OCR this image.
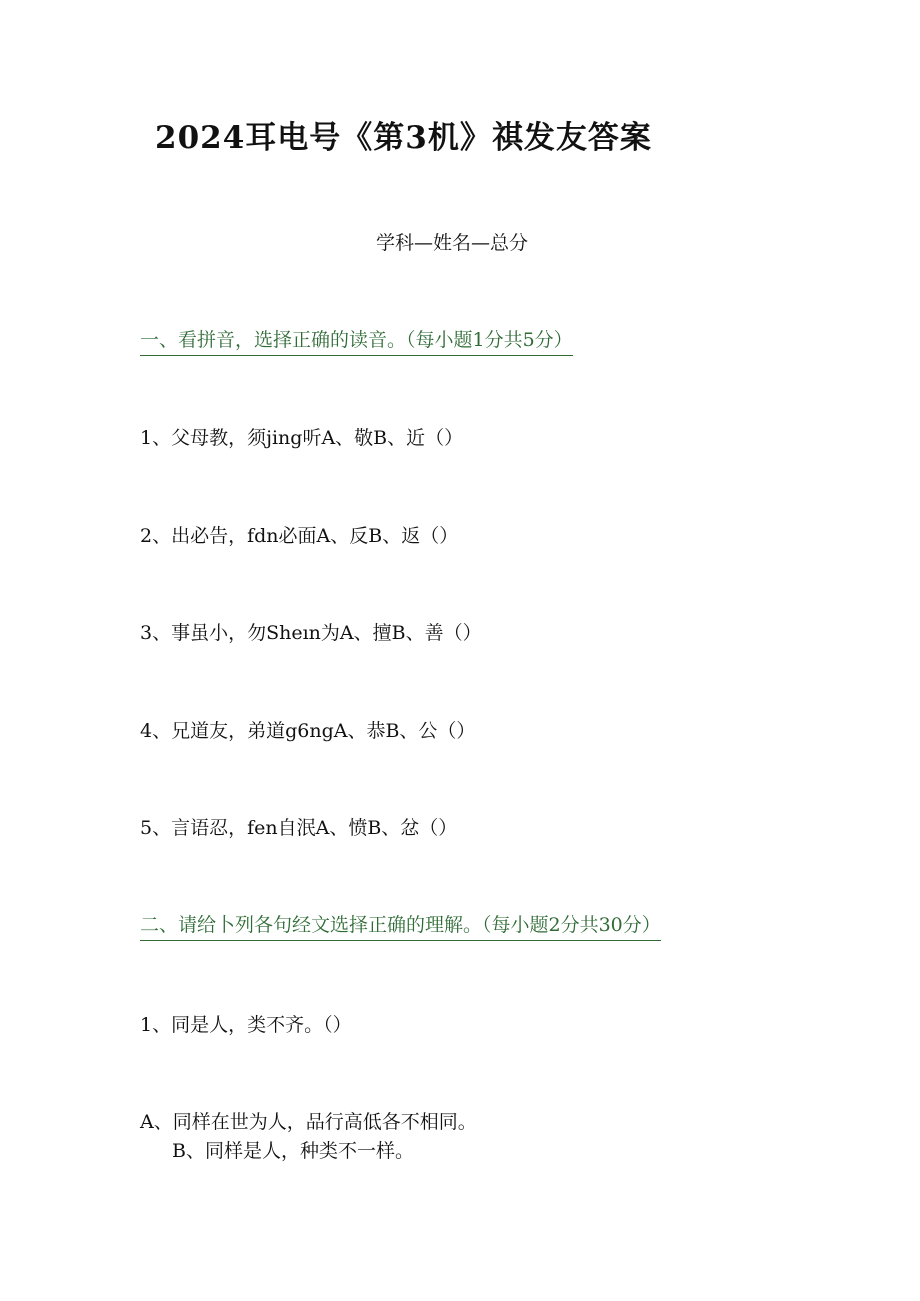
2024耳电号《第3机》祺发友答案
学科—姓名—总分
一、看拼音，选择正确的读音。（每小题1分共5分）
1、父母教，须jing听A、敬B、近（）
2、出必告，fdn必面A、反B、返（）
3、事虽小，勿Sheın为A、擅B、善（）
4、兄道友，弟道g6ngA、恭B、公（）
5、言语忍，fen自泯A、愤B、忿（）
二、请给卜列各句经文选择正确的理解。（每小题2分共30分）
1、同是人，类不齐。（）
A、同样在世为人，品行高低各不相同。
B、同样是人，种类不一样。
